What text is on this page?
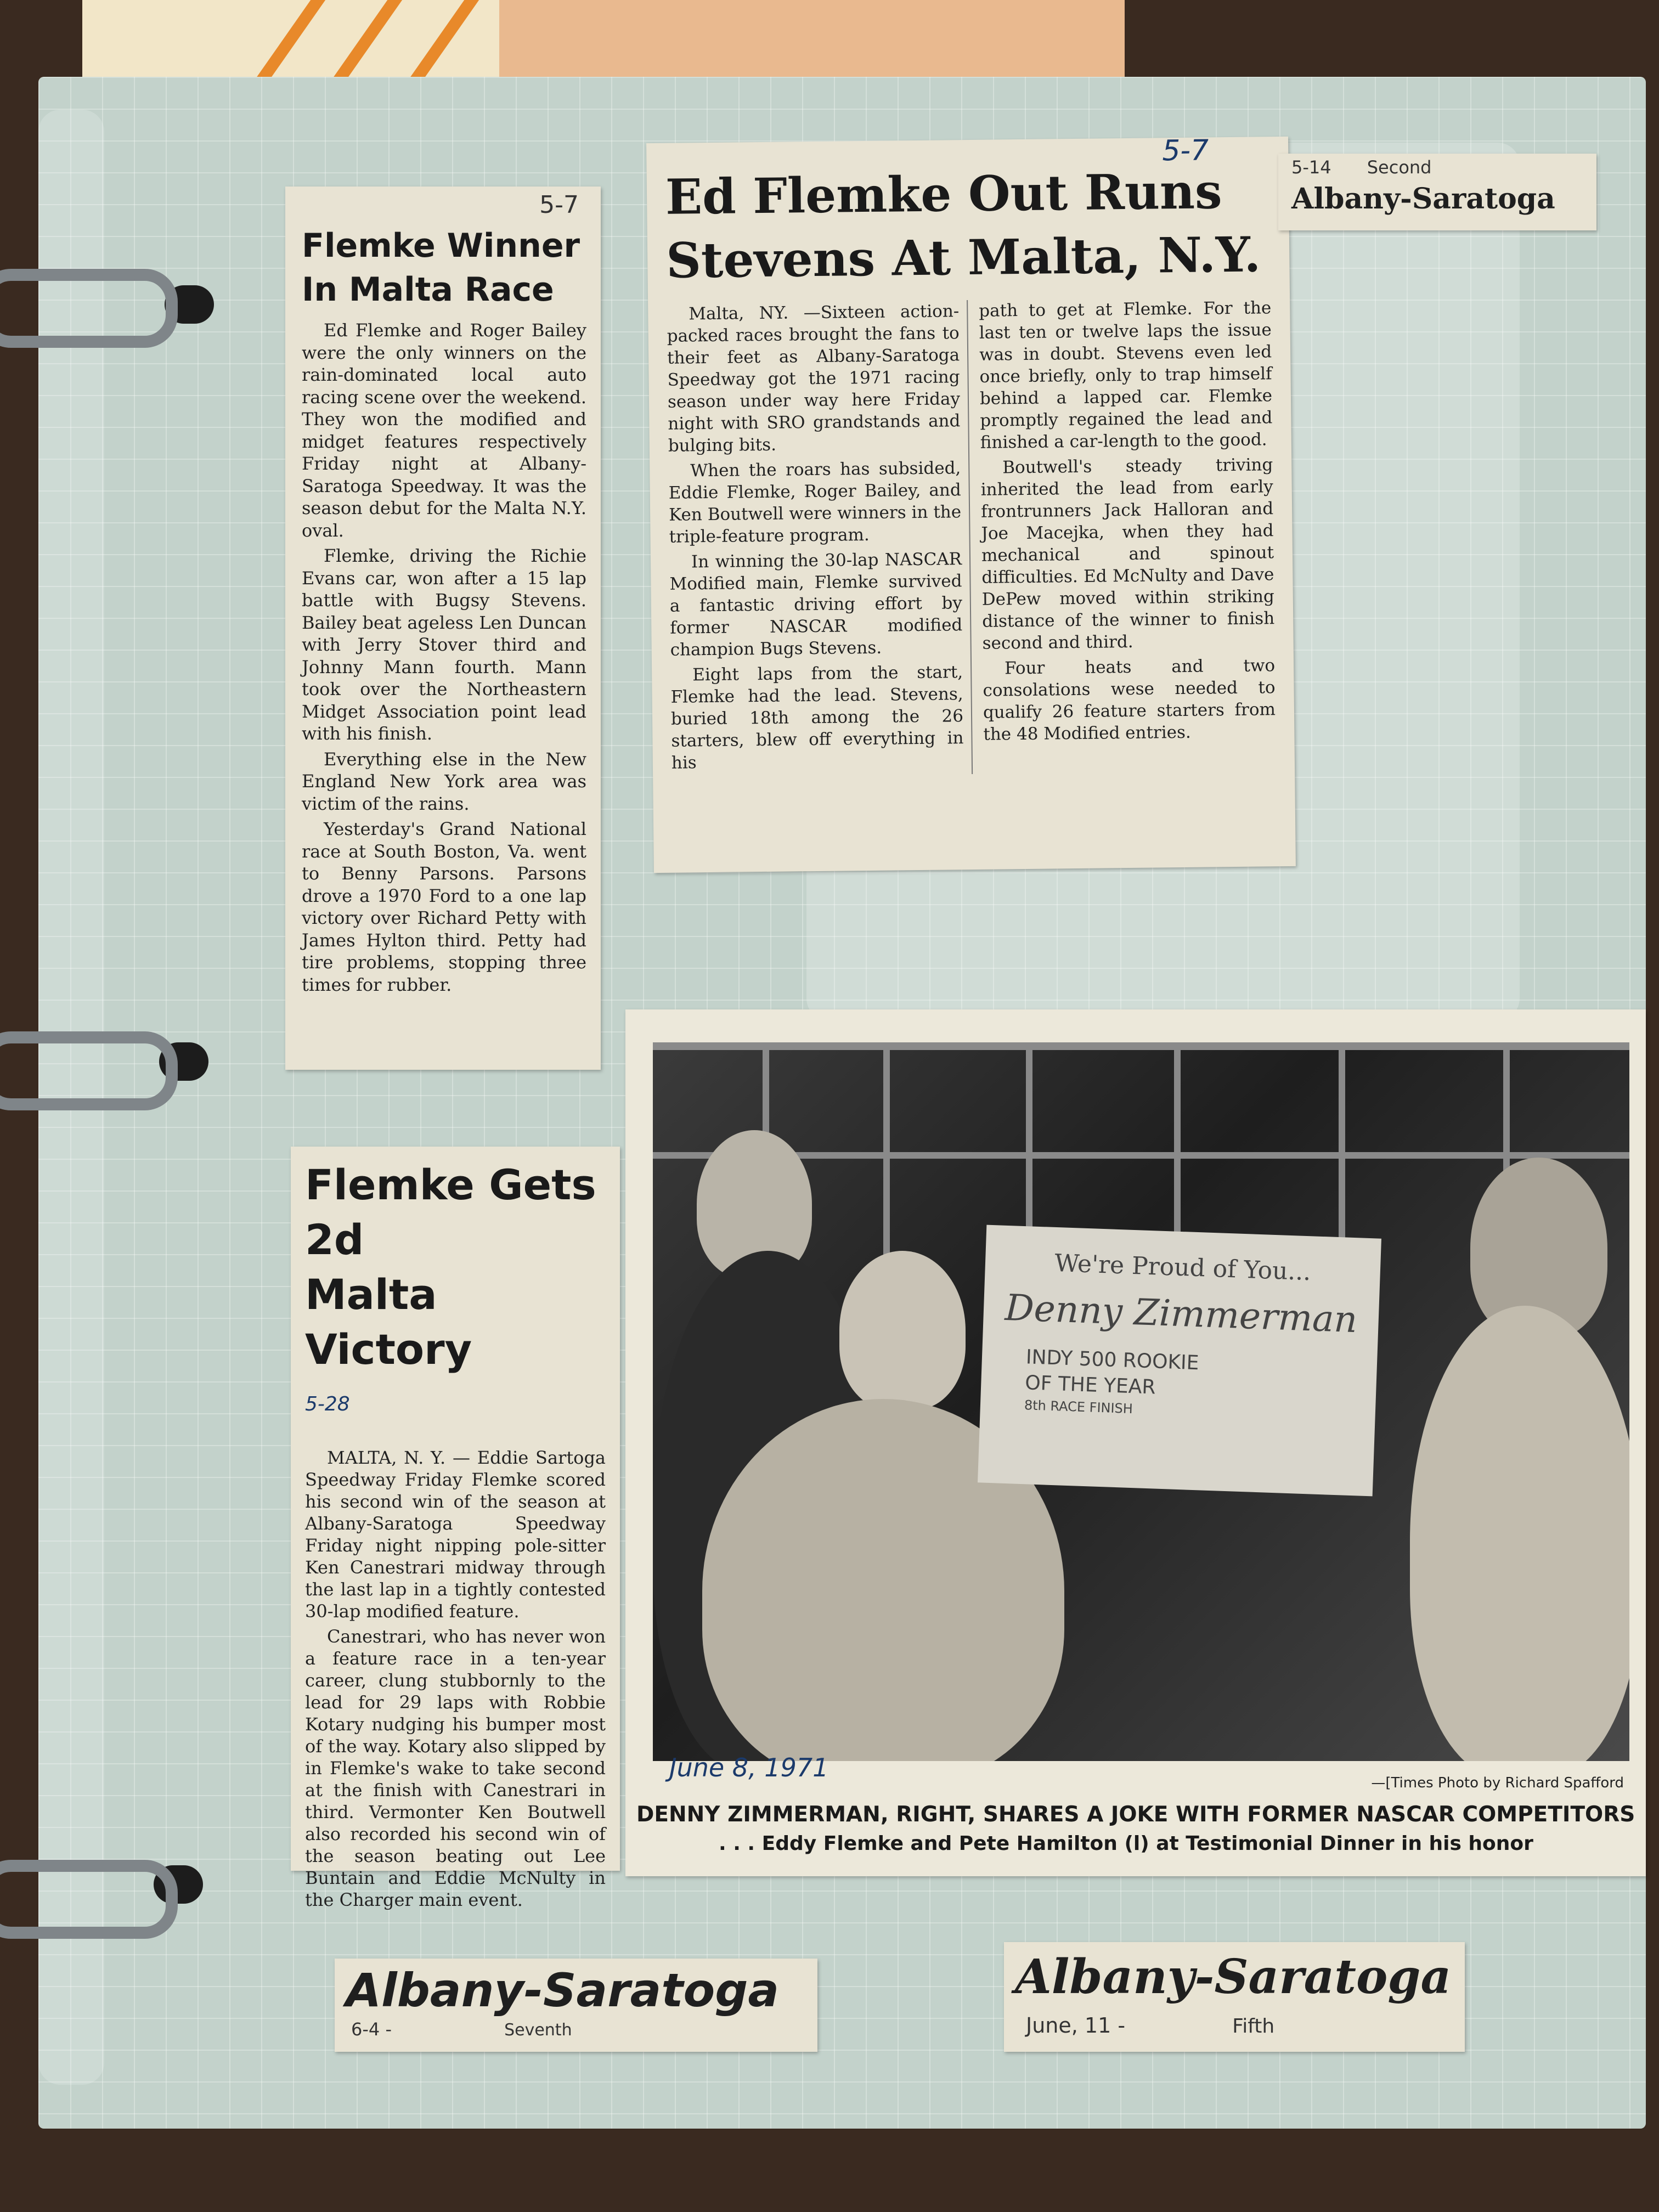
5-7
Flemke Winner
In Malta Race

Ed Flemke and Roger Bailey were the only winners on the rain-dominated local auto racing scene over the weekend. They won the modified and midget features respectively Friday night at Albany-Saratoga Speedway. It was the season debut for the Malta N.Y. oval.

Flemke, driving the Richie Evans car, won after a 15 lap battle with Bugsy Stevens. Bailey beat ageless Len Duncan with Jerry Stover third and Johnny Mann fourth. Mann took over the Northeastern Midget Association point lead with his finish.

Everything else in the New England New York area was victim of the rains.

Yesterday's Grand National race at South Boston, Va. went to Benny Parsons. Parsons drove a 1970 Ford to a one lap victory over Richard Petty with James Hylton third. Petty had tire problems, stopping three times for rubber.

5-7
Ed Flemke Out Runs Stevens At Malta, N.Y.

Malta, NY. —Sixteen action-packed races brought the fans to their feet as Albany-Saratoga Speedway got the 1971 racing season under way here Friday night with SRO grandstands and bulging bits.

When the roars has subsided, Eddie Flemke, Roger Bailey, and Ken Boutwell were winners in the triple-feature program.

In winning the 30-lap NASCAR Modified main, Flemke survived a fantastic driving effort by former NASCAR modified champion Bugs Stevens.

Eight laps from the start, Flemke had the lead. Stevens, buried 18th among the 26 starters, blew off everything in his

path to get at Flemke. For the last ten or twelve laps the issue was in doubt. Stevens even led once briefly, only to trap himself behind a lapped car. Flemke promptly regained the lead and finished a car-length to the good.

Boutwell's steady triving inherited the lead from early frontrunners Jack Halloran and Joe Macejka, when they had mechanical and spinout difficulties. Ed McNulty and Dave DePew moved within striking distance of the winner to finish second and third.

Four heats and two consolations wese needed to qualify 26 feature starters from the 48 Modified entries.

5-14 Second
Albany-Saratoga
Flemke Gets 2d
Malta Victory $^{5-28}$

MALTA, N. Y. — Eddie Sartoga Speedway Friday Flemke scored his second win of the season at Albany-Saratoga Speedway Friday night nipping pole-sitter Ken Canestrari midway through the last lap in a tightly contested 30-lap modified feature.

Canestrari, who has never won a feature race in a ten-year career, clung stubbornly to the lead for 29 laps with Robbie Kotary nudging his bumper most of the way. Kotary also slipped by in Flemke's wake to take second at the finish with Canestrari in third. Vermonter Ken Boutwell also recorded his second win of the season beating out Lee Buntain and Eddie McNulty in the Charger main event.

We're Proud of You...
Denny Zimmerman
INDY 500 ROOKIE
OF THE YEAR
8th RACE FINISH
June 8, 1971
—[Times Photo by Richard Spafford
DENNY ZIMMERMAN, RIGHT, SHARES A JOKE WITH FORMER NASCAR COMPETITORS
. . . Eddy Flemke and Pete Hamilton (l) at Testimonial Dinner in his honor
Albany-Saratoga
6-4 -	Seventh
Albany-Saratoga
June, 11 -	Fifth
